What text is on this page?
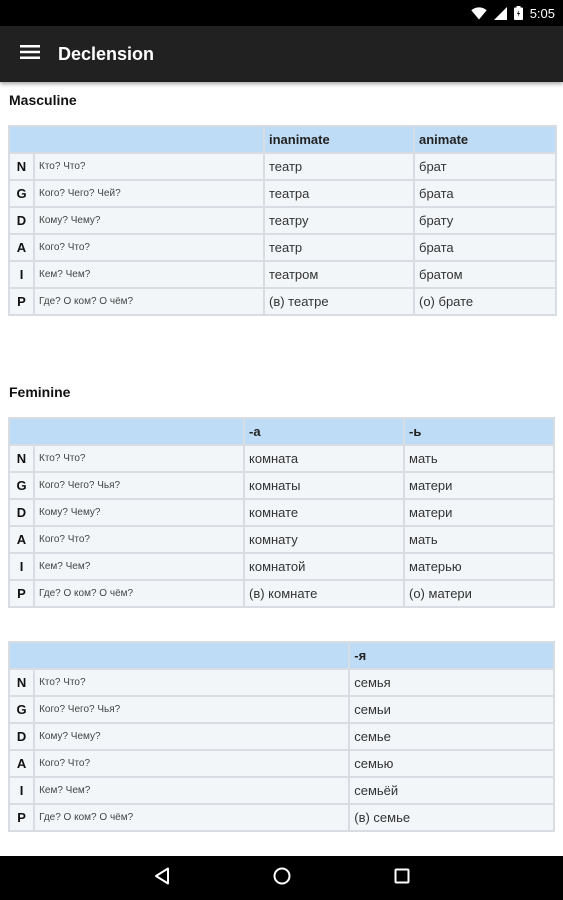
5:05
Declension
Masculine
		inanimate	animate
N	Кто? Что?	театр	брат
G	Кого? Чего? Чей?	театра	брата
D	Кому? Чему?	театру	брату
A	Кого? Что?	театр	брата
I	Кем? Чем?	театром	братом
P	Где? О ком? О чём?	(в) театре	(о) брате
Feminine
		-а	-ь
N	Кто? Что?	комната	мать
G	Кого? Чего? Чья?	комнаты	матери
D	Кому? Чему?	комнате	матери
A	Кого? Что?	комнату	мать
I	Кем? Чем?	комнатой	матерью
P	Где? О ком? О чём?	(в) комнате	(о) матери
		-я
N	Кто? Что?	семья
G	Кого? Чего? Чья?	семьи
D	Кому? Чему?	семье
A	Кого? Что?	семью
I	Кем? Чем?	семьёй
P	Где? О ком? О чём?	(в) семье
